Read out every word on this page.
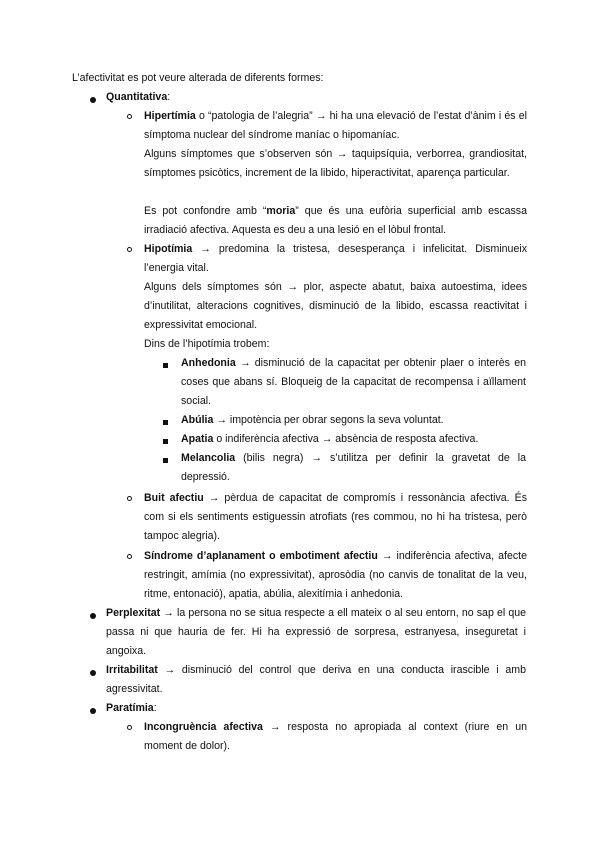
L’afectivitat es pot veure alterada de diferents formes:
Quantitativa:
Hipertímia o “patologia de l’alegria” → hi ha una elevació de l’estat d’ànim i és el símptoma nuclear del síndrome maníac o hipomaníac.
Alguns símptomes que s’observen són → taquipsíquia, verborrea, grandiositat, símptomes psicòtics, increment de la libido, hiperactivitat, aparença particular.
Es pot confondre amb “moria” que és una eufòria superficial amb escassa irradiació afectiva. Aquesta es deu a una lesió en el lòbul frontal.
Hipotímia → predomina la tristesa, desesperança i infelicitat. Disminueix l’energia vital.
Alguns dels símptomes són → plor, aspecte abatut, baixa autoestima, idees d’inutilitat, alteracions cognitives, disminució de la libido, escassa reactivitat i expressivitat emocional.
Dins de l’hipotímia trobem:
Anhedonia → disminució de la capacitat per obtenir plaer o interès en coses que abans sí. Bloqueig de la capacitat de recompensa i aïllament social.
Abúlia → impotència per obrar segons la seva voluntat.
Apatia o indiferència afectiva → absència de resposta afectiva.
Melancolia (bilis negra) → s’utilitza per definir la gravetat de la depressió.
Buit afectiu → pèrdua de capacitat de compromís i ressonància afectiva. És com si els sentiments estiguessin atrofiats (res commou, no hi ha tristesa, però tampoc alegria).
Síndrome d’aplanament o embotiment afectiu → indiferència afectiva, afecte restringit, amímia (no expressivitat), aprosòdia (no canvis de tonalitat de la veu, ritme, entonació), apatia, abúlia, alexitímia i anhedonia.
Perplexitat → la persona no se situa respecte a ell mateix o al seu entorn, no sap el que passa ni que hauria de fer. Hi ha expressió de sorpresa, estranyesa, inseguretat i angoixa.
Irritabilitat → disminució del control que deriva en una conducta irascible i amb agressivitat.
Paratímia:
Incongruència afectiva → resposta no apropiada al context (riure en un moment de dolor).
